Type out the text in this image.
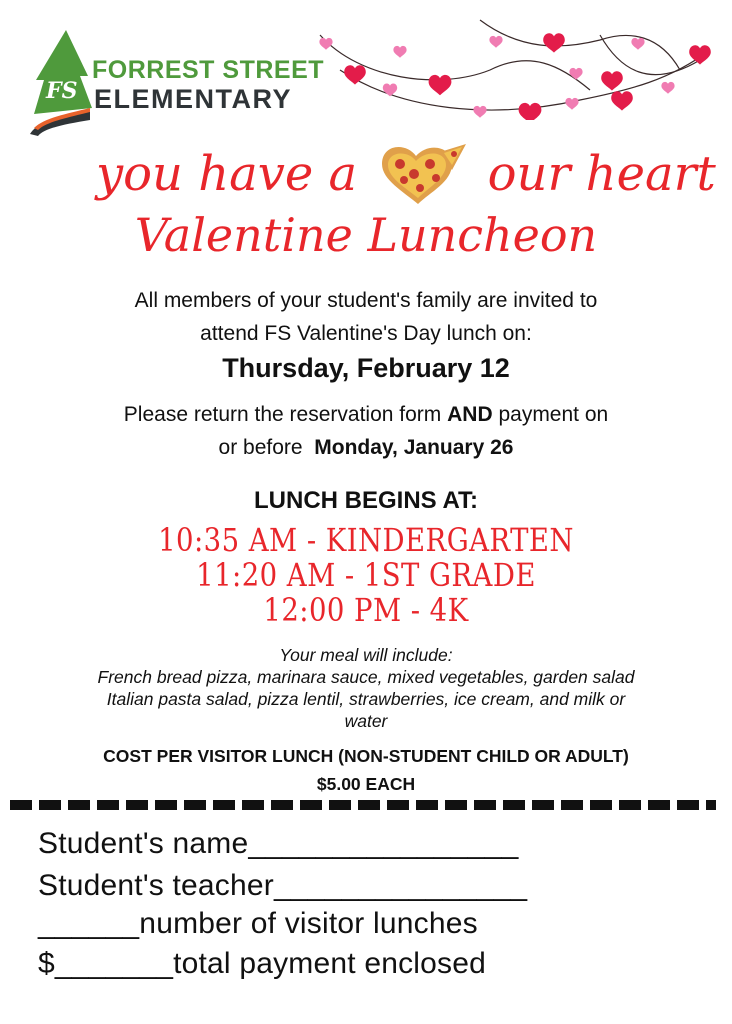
FS
FORREST STREET
ELEMENTARY
you have a	our heart
Valentine Luncheon
All members of your student's family are invited to
attend FS Valentine's Day lunch on:
Thursday, February 12
Please return the reservation form AND payment on
or before  Monday, January 26
LUNCH BEGINS AT:
10:35 AM - KINDERGARTEN
11:20 AM - 1ST GRADE
12:00 PM - 4K
Your meal will include:
French bread pizza, marinara sauce, mixed vegetables, garden salad
Italian pasta salad, pizza lentil, strawberries, ice cream, and milk or
water
COST PER VISITOR LUNCH (NON-STUDENT CHILD OR ADULT)
$5.00 EACH
Student's name________________
Student's teacher_______________
______number of visitor lunches
$_______total payment enclosed
